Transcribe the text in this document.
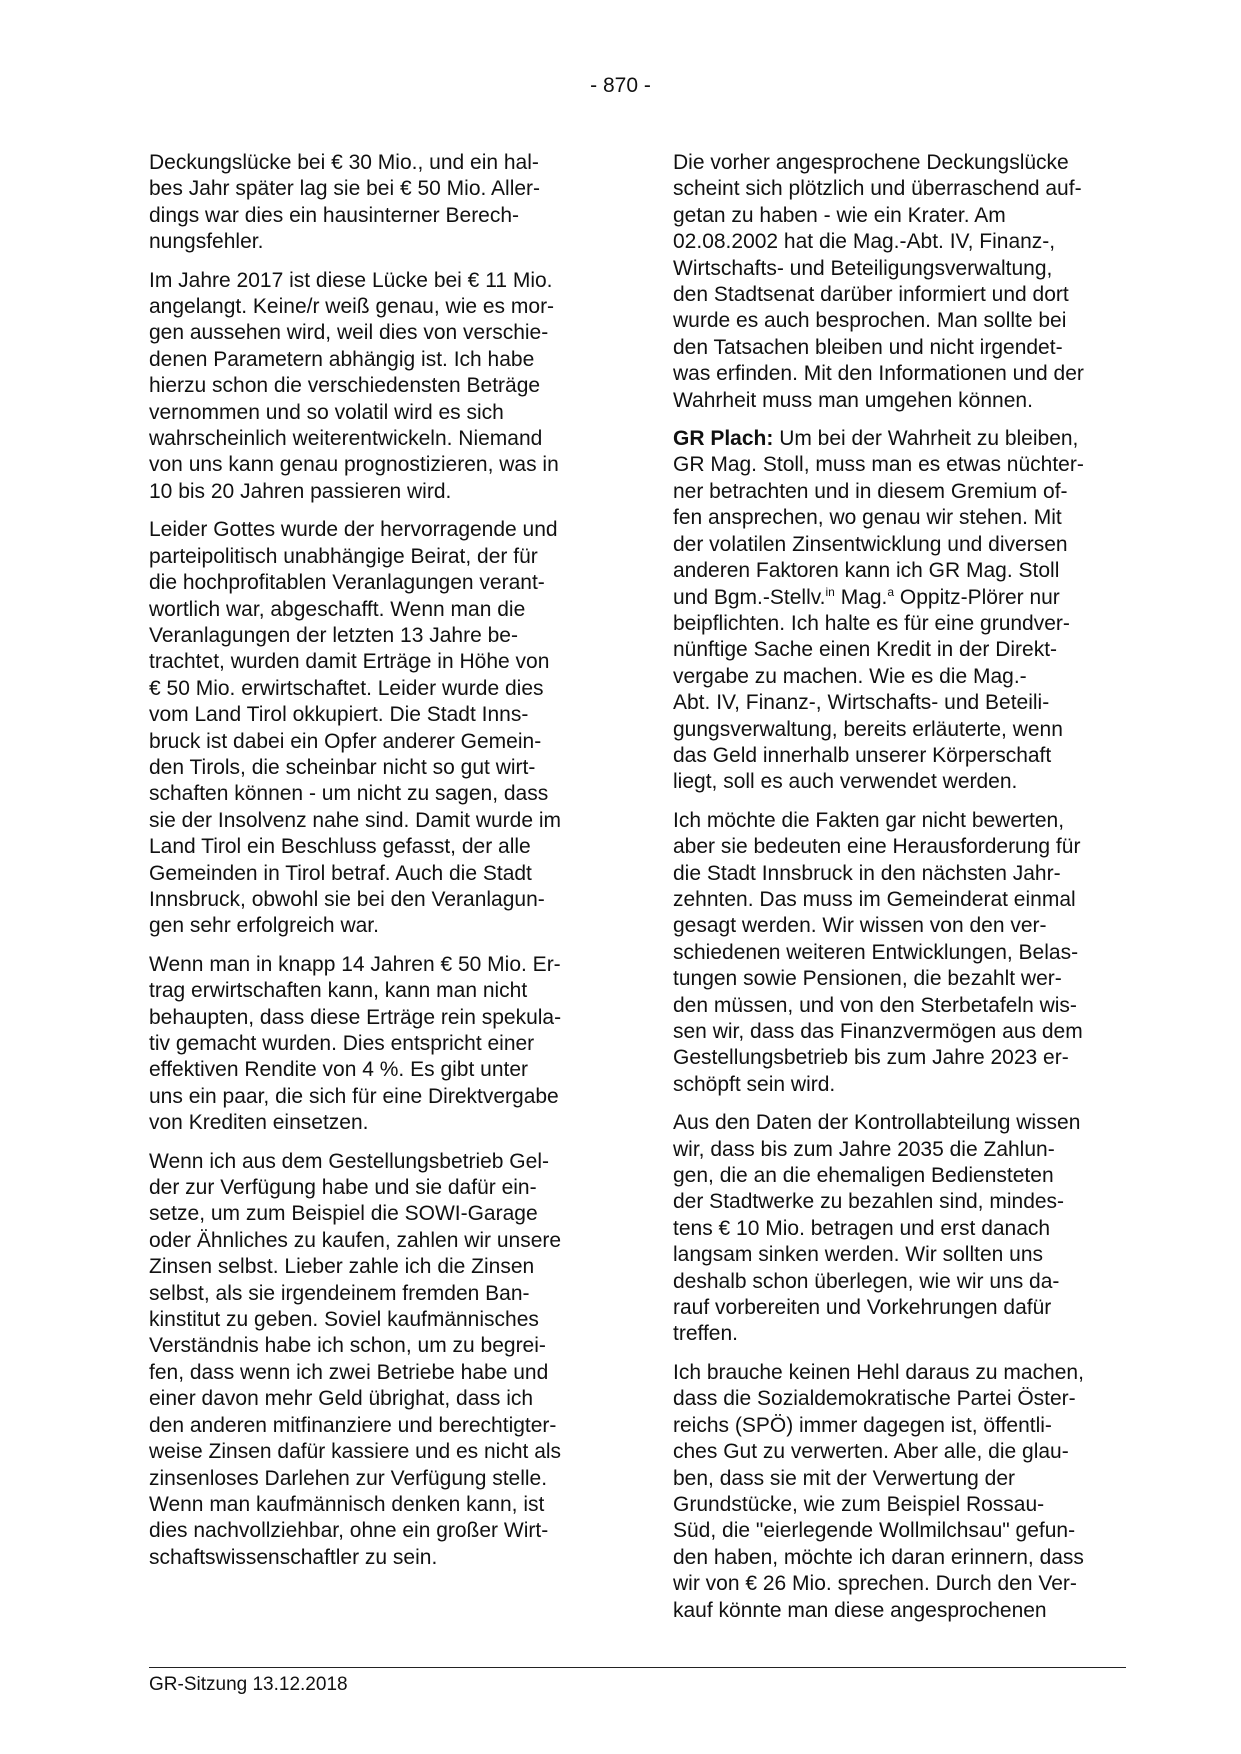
- 870 -

Deckungslücke bei € 30 Mio., und ein hal-
bes Jahr später lag sie bei € 50 Mio. Aller-
dings war dies ein hausinterner Berech-
nungsfehler.

Im Jahre 2017 ist diese Lücke bei € 11 Mio.
angelangt. Keine/r weiß genau, wie es mor-
gen aussehen wird, weil dies von verschie-
denen Parametern abhängig ist. Ich habe
hierzu schon die verschiedensten Beträge
vernommen und so volatil wird es sich
wahrscheinlich weiterentwickeln. Niemand
von uns kann genau prognostizieren, was in
10 bis 20 Jahren passieren wird.

Leider Gottes wurde der hervorragende und
parteipolitisch unabhängige Beirat, der für
die hochprofitablen Veranlagungen verant-
wortlich war, abgeschafft. Wenn man die
Veranlagungen der letzten 13 Jahre be-
trachtet, wurden damit Erträge in Höhe von
€ 50 Mio. erwirtschaftet. Leider wurde dies
vom Land Tirol okkupiert. Die Stadt Inns-
bruck ist dabei ein Opfer anderer Gemein-
den Tirols, die scheinbar nicht so gut wirt-
schaften können - um nicht zu sagen, dass
sie der Insolvenz nahe sind. Damit wurde im
Land Tirol ein Beschluss gefasst, der alle
Gemeinden in Tirol betraf. Auch die Stadt
Innsbruck, obwohl sie bei den Veranlagun-
gen sehr erfolgreich war.

Wenn man in knapp 14 Jahren € 50 Mio. Er-
trag erwirtschaften kann, kann man nicht
behaupten, dass diese Erträge rein spekula-
tiv gemacht wurden. Dies entspricht einer
effektiven Rendite von 4 %. Es gibt unter
uns ein paar, die sich für eine Direktvergabe
von Krediten einsetzen.

Wenn ich aus dem Gestellungsbetrieb Gel-
der zur Verfügung habe und sie dafür ein-
setze, um zum Beispiel die SOWI-Garage
oder Ähnliches zu kaufen, zahlen wir unsere
Zinsen selbst. Lieber zahle ich die Zinsen
selbst, als sie irgendeinem fremden Ban-
kinstitut zu geben. Soviel kaufmännisches
Verständnis habe ich schon, um zu begrei-
fen, dass wenn ich zwei Betriebe habe und
einer davon mehr Geld übrighat, dass ich
den anderen mitfinanziere und berechtigter-
weise Zinsen dafür kassiere und es nicht als
zinsenloses Darlehen zur Verfügung stelle.
Wenn man kaufmännisch denken kann, ist
dies nachvollziehbar, ohne ein großer Wirt-
schaftswissenschaftler zu sein.

Die vorher angesprochene Deckungslücke
scheint sich plötzlich und überraschend auf-
getan zu haben - wie ein Krater. Am
02.08.2002 hat die Mag.-Abt. IV, Finanz-,
Wirtschafts- und Beteiligungsverwaltung,
den Stadtsenat darüber informiert und dort
wurde es auch besprochen. Man sollte bei
den Tatsachen bleiben und nicht irgendet-
was erfinden. Mit den Informationen und der
Wahrheit muss man umgehen können.

GR Plach: Um bei der Wahrheit zu bleiben,
GR Mag. Stoll, muss man es etwas nüchter-
ner betrachten und in diesem Gremium of-
fen ansprechen, wo genau wir stehen. Mit
der volatilen Zinsentwicklung und diversen
anderen Faktoren kann ich GR Mag. Stoll
und Bgm.-Stellv.$^{in}$ Mag.$^a$ Oppitz-Plörer nur
beipflichten. Ich halte es für eine grundver-
nünftige Sache einen Kredit in der Direkt-
vergabe zu machen. Wie es die Mag.-
Abt. IV, Finanz-, Wirtschafts- und Beteili-
gungsverwaltung, bereits erläuterte, wenn
das Geld innerhalb unserer Körperschaft
liegt, soll es auch verwendet werden.

Ich möchte die Fakten gar nicht bewerten,
aber sie bedeuten eine Herausforderung für
die Stadt Innsbruck in den nächsten Jahr-
zehnten. Das muss im Gemeinderat einmal
gesagt werden. Wir wissen von den ver-
schiedenen weiteren Entwicklungen, Belas-
tungen sowie Pensionen, die bezahlt wer-
den müssen, und von den Sterbetafeln wis-
sen wir, dass das Finanzvermögen aus dem
Gestellungsbetrieb bis zum Jahre 2023 er-
schöpft sein wird.

Aus den Daten der Kontrollabteilung wissen
wir, dass bis zum Jahre 2035 die Zahlun-
gen, die an die ehemaligen Bediensteten
der Stadtwerke zu bezahlen sind, mindes-
tens € 10 Mio. betragen und erst danach
langsam sinken werden. Wir sollten uns
deshalb schon überlegen, wie wir uns da-
rauf vorbereiten und Vorkehrungen dafür
treffen.

Ich brauche keinen Hehl daraus zu machen,
dass die Sozialdemokratische Partei Öster-
reichs (SPÖ) immer dagegen ist, öffentli-
ches Gut zu verwerten. Aber alle, die glau-
ben, dass sie mit der Verwertung der
Grundstücke, wie zum Beispiel Rossau-
Süd, die "eierlegende Wollmilchsau" gefun-
den haben, möchte ich daran erinnern, dass
wir von € 26 Mio. sprechen. Durch den Ver-
kauf könnte man diese angesprochenen

GR-Sitzung 13.12.2018
